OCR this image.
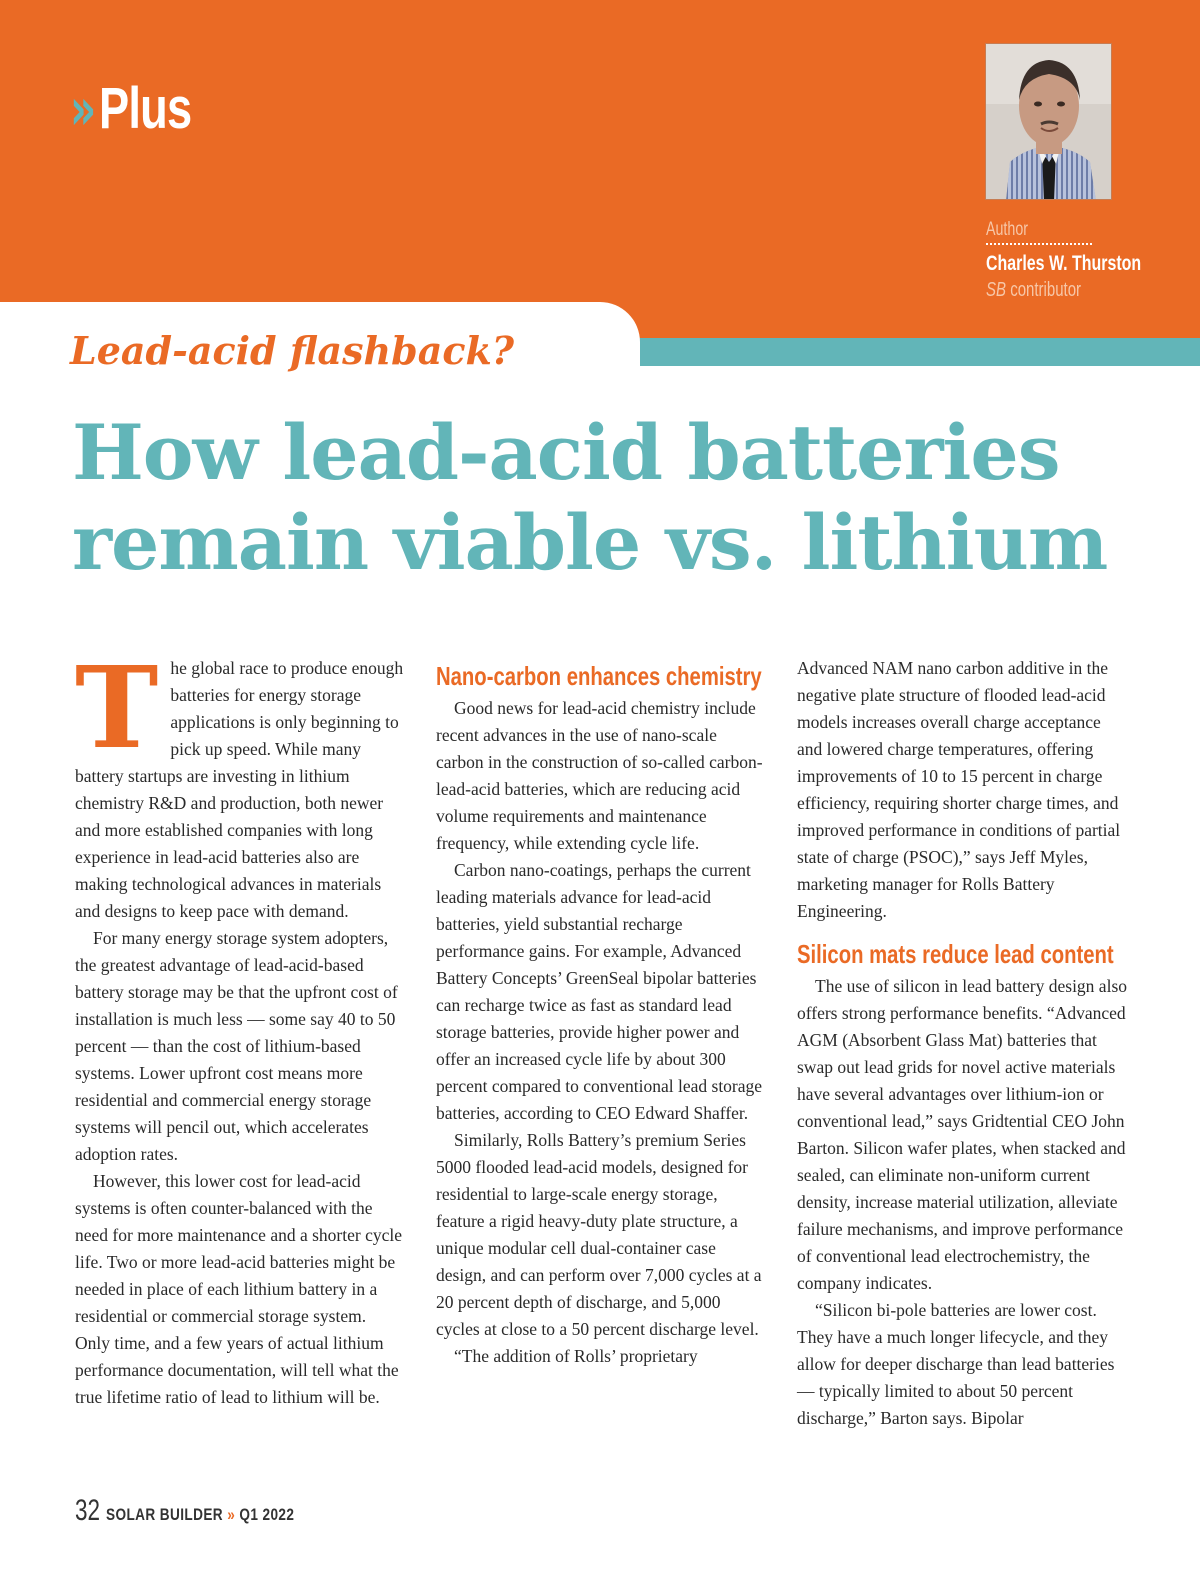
» Plus
Author
Charles W. Thurston
SB contributor
Lead-acid flashback?
How lead-acid batteries
remain viable vs. lithium
T he global race to produce enough batteries for energy storage applications is only beginning to pick up speed. While many battery startups are investing in lithium chemistry R&D and production, both newer and more established companies with long experience in lead-acid batteries also are making technological advances in materials and designs to keep pace with demand.

For many energy storage system adopters, the greatest advantage of lead-acid-based battery storage may be that the upfront cost of installation is much less — some say 40 to 50 percent — than the cost of lithium-based systems. Lower upfront cost means more residential and commercial energy storage systems will pencil out, which accelerates adoption rates.

However, this lower cost for lead-acid systems is often counter-balanced with the need for more maintenance and a shorter cycle life. Two or more lead-acid batteries might be needed in place of each lithium battery in a residential or commercial storage system. Only time, and a few years of actual lithium performance documentation, will tell what the true lifetime ratio of lead to lithium will be.

Nano-carbon enhances chemistry

Good news for lead-acid chemistry include recent advances in the use of nano-scale carbon in the construction of so-called carbon-lead-acid batteries, which are reducing acid volume requirements and maintenance frequency, while extending cycle life.

Carbon nano-coatings, perhaps the current leading materials advance for lead-acid batteries, yield substantial recharge performance gains. For example, Advanced Battery Concepts’ GreenSeal bipolar batteries can recharge twice as fast as standard lead storage batteries, provide higher power and offer an increased cycle life by about 300 percent compared to conventional lead storage batteries, according to CEO Edward Shaffer.

Similarly, Rolls Battery’s premium Series 5000 flooded lead-acid models, designed for residential to large-scale energy storage, feature a rigid heavy-duty plate structure, a unique modular cell dual-container case design, and can perform over 7,000 cycles at a 20 percent depth of discharge, and 5,000 cycles at close to a 50 percent discharge level.

“The addition of Rolls’ proprietary

Advanced NAM nano carbon additive in the negative plate structure of flooded lead-acid models increases overall charge acceptance and lowered charge temperatures, offering improvements of 10 to 15 percent in charge efficiency, requiring shorter charge times, and improved performance in conditions of partial state of charge (PSOC),” says Jeff Myles, marketing manager for Rolls Battery Engineering.

Silicon mats reduce lead content

The use of silicon in lead battery design also offers strong performance benefits. “Advanced AGM (Absorbent Glass Mat) batteries that swap out lead grids for novel active materials have several advantages over lithium-ion or conventional lead,” says Gridtential CEO John Barton. Silicon wafer plates, when stacked and sealed, can eliminate non-uniform current density, increase material utilization, alleviate failure mechanisms, and improve performance of conventional lead electrochemistry, the company indicates.

“Silicon bi-pole batteries are lower cost. They have a much longer lifecycle, and they allow for deeper discharge than lead batteries — typically limited to about 50 percent discharge,” Barton says. Bipolar

32 SOLAR BUILDER » Q1 2022
